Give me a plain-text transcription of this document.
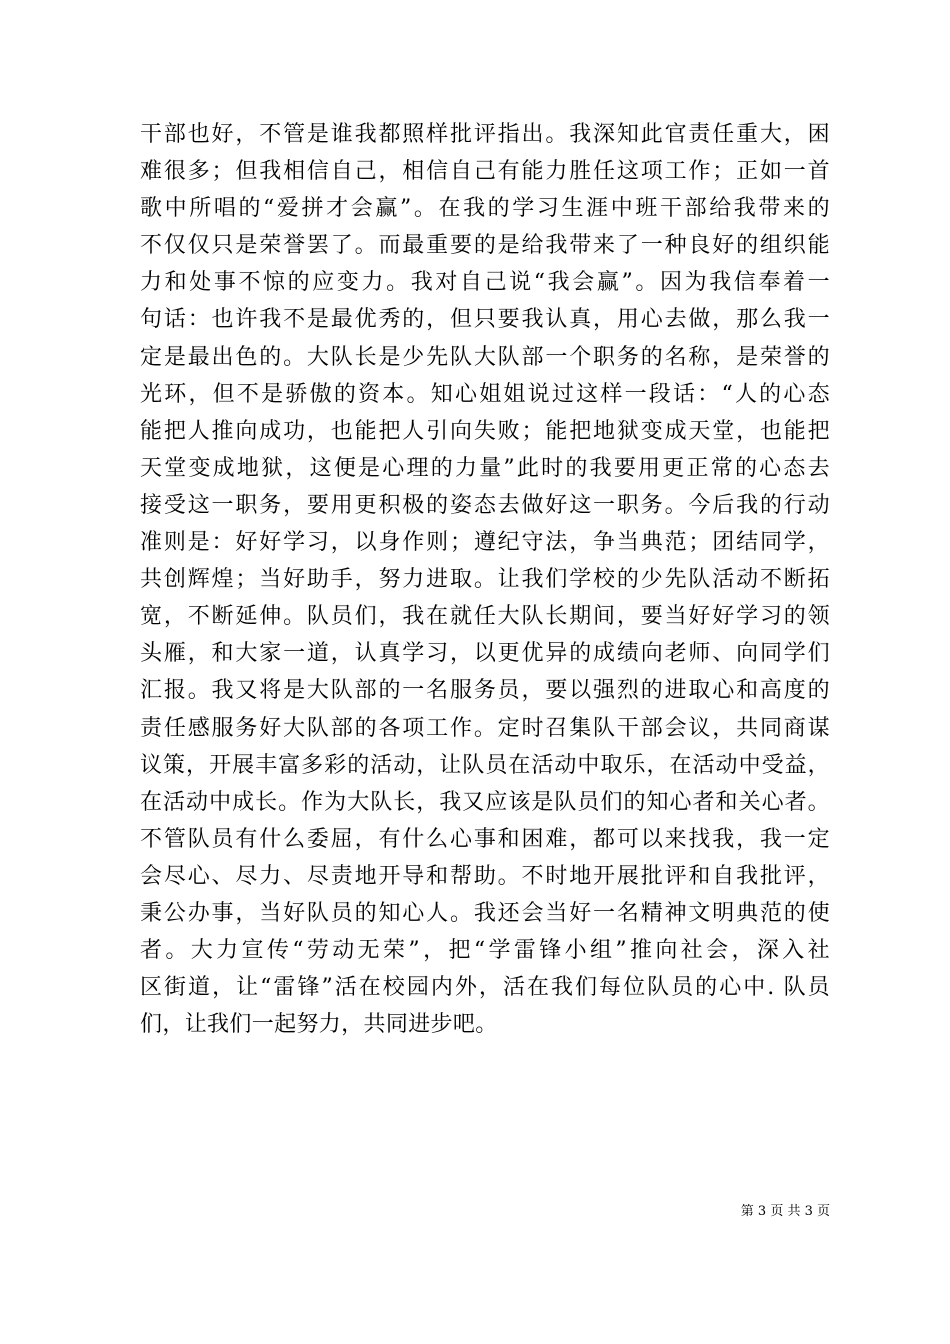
干部也好，不管是谁我都照样批评指出。我深知此官责任重大，困
难很多；但我相信自己，相信自己有能力胜任这项工作；正如一首
歌中所唱的“爱拼才会赢”。在我的学习生涯中班干部给我带来的
不仅仅只是荣誉罢了。而最重要的是给我带来了一种良好的组织能
力和处事不惊的应变力。我对自己说“我会赢”。因为我信奉着一
句话：也许我不是最优秀的，但只要我认真，用心去做，那么我一
定是最出色的。大队长是少先队大队部一个职务的名称，是荣誉的
光环，但不是骄傲的资本。知心姐姐说过这样一段话：“人的心态
能把人推向成功，也能把人引向失败；能把地狱变成天堂，也能把
天堂变成地狱，这便是心理的力量”此时的我要用更正常的心态去
接受这一职务，要用更积极的姿态去做好这一职务。今后我的行动
准则是：好好学习，以身作则；遵纪守法，争当典范；团结同学，
共创辉煌；当好助手，努力进取。让我们学校的少先队活动不断拓
宽，不断延伸。队员们，我在就任大队长期间，要当好好学习的领
头雁，和大家一道，认真学习，以更优异的成绩向老师、向同学们
汇报。我又将是大队部的一名服务员，要以强烈的进取心和高度的
责任感服务好大队部的各项工作。定时召集队干部会议，共同商谋
议策，开展丰富多彩的活动，让队员在活动中取乐，在活动中受益，
在活动中成长。作为大队长，我又应该是队员们的知心者和关心者。
不管队员有什么委屈，有什么心事和困难，都可以来找我，我一定
会尽心、尽力、尽责地开导和帮助。不时地开展批评和自我批评，
秉公办事，当好队员的知心人。我还会当好一名精神文明典范的使
者。大力宣传“劳动无荣”，把“学雷锋小组”推向社会，深入社
区街道，让“雷锋”活在校园内外，活在我们每位队员的心中. 队员
们，让我们一起努力，共同进步吧。
第 3 页 共 3 页
